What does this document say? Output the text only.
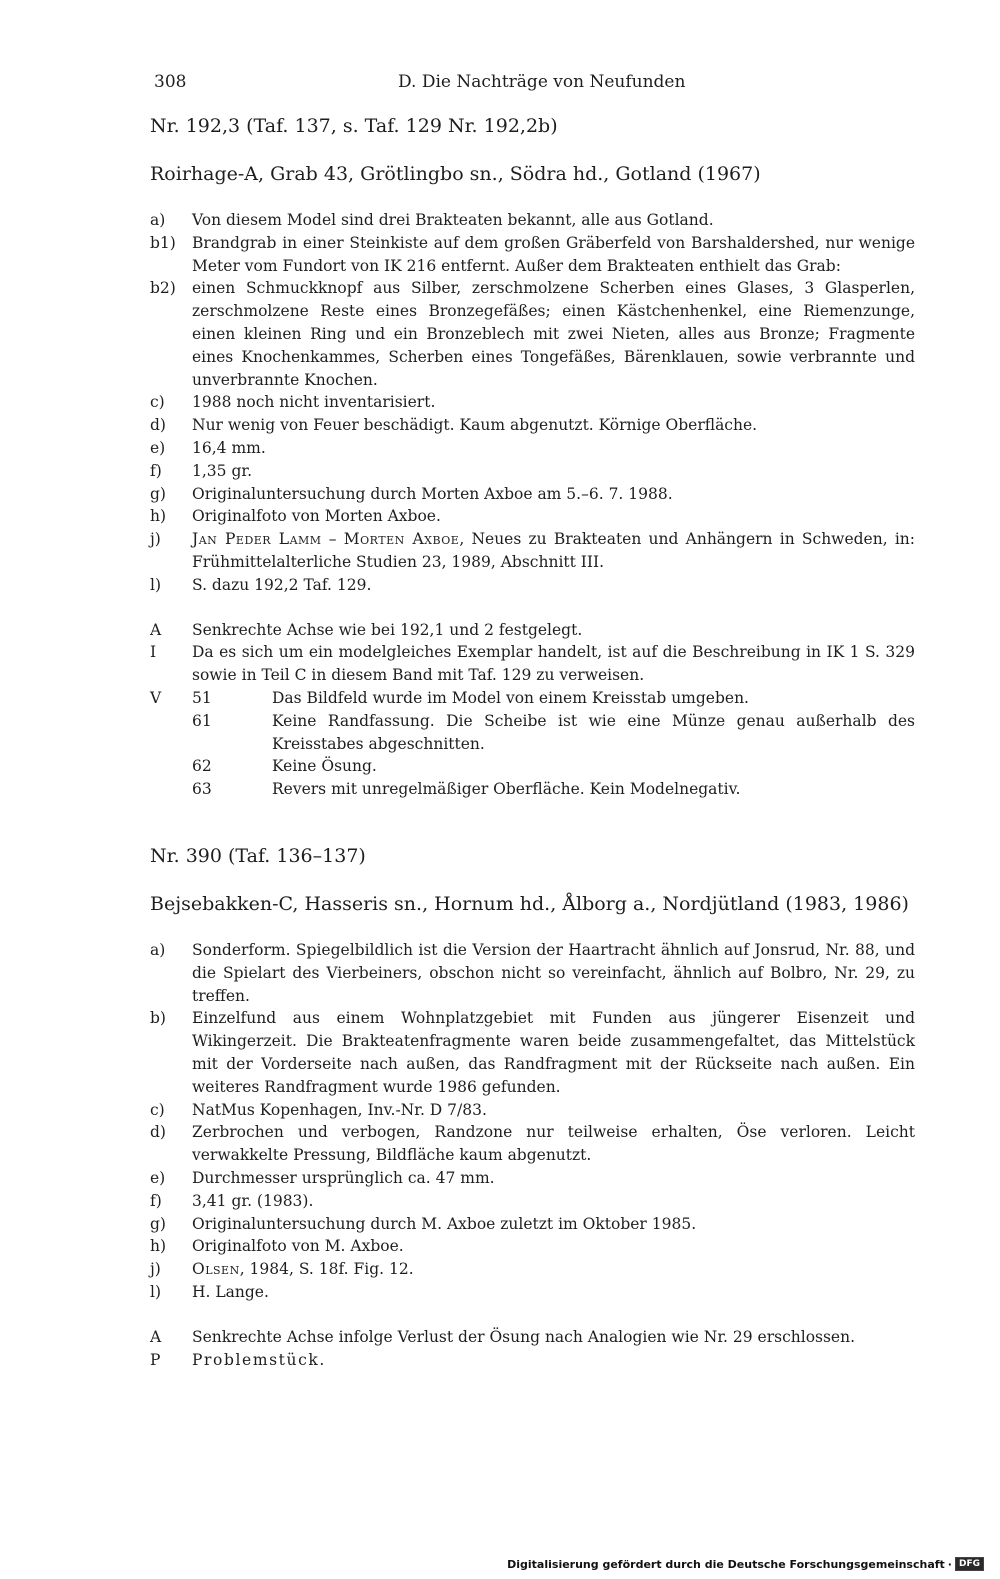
308	D. Die Nachträge von Neufunden
Nr. 192,3 (Taf. 137, s. Taf. 129 Nr. 192,2b)
Roirhage-A, Grab 43, Grötlingbo sn., Södra hd., Gotland (1967)
a)	Von diesem Model sind drei Brakteaten bekannt, alle aus Gotland.
b1)	Brandgrab in einer Steinkiste auf dem großen Gräberfeld von Barshaldershed, nur wenige Meter vom Fundort von IK 216 entfernt. Außer dem Brakteaten enthielt das Grab:
b2)	einen Schmuckknopf aus Silber, zerschmolzene Scherben eines Glases, 3 Glasperlen, zerschmolzene Reste eines Bronzegefäßes; einen Kästchenhenkel, eine Riemenzunge, einen kleinen Ring und ein Bronzeblech mit zwei Nieten, alles aus Bronze; Fragmente eines Knochenkammes, Scherben eines Tongefäßes, Bärenklauen, sowie verbrannte und unverbrannte Knochen.
c)	1988 noch nicht inventarisiert.
d)	Nur wenig von Feuer beschädigt. Kaum abgenutzt. Körnige Oberfläche.
e)	16,4 mm.
f)	1,35 gr.
g)	Originaluntersuchung durch Morten Axboe am 5.–6. 7. 1988.
h)	Originalfoto von Morten Axboe.
j)	Jan Peder Lamm – Morten Axboe, Neues zu Brakteaten und Anhängern in Schweden, in: Frühmittelalterliche Studien 23, 1989, Abschnitt III.
l)	S. dazu 192,2 Taf. 129.
A	Senkrechte Achse wie bei 192,1 und 2 festgelegt.
I	Da es sich um ein modelgleiches Exemplar handelt, ist auf die Beschreibung in IK 1 S. 329 sowie in Teil C in diesem Band mit Taf. 129 zu verweisen.
V	51	Das Bildfeld wurde im Model von einem Kreisstab umgeben.
61	Keine Randfassung. Die Scheibe ist wie eine Münze genau außerhalb des Kreisstabes abgeschnitten.
62	Keine Ösung.
63	Revers mit unregelmäßiger Oberfläche. Kein Modelnegativ.
Nr. 390 (Taf. 136–137)
Bejsebakken-C, Hasseris sn., Hornum hd., Ålborg a., Nordjütland (1983, 1986)
a)	Sonderform. Spiegelbildlich ist die Version der Haartracht ähnlich auf Jonsrud, Nr. 88, und die Spielart des Vierbeiners, obschon nicht so vereinfacht, ähnlich auf Bolbro, Nr. 29, zu treffen.
b)	Einzelfund aus einem Wohnplatzgebiet mit Funden aus jüngerer Eisenzeit und Wikingerzeit. Die Brakteatenfragmente waren beide zusammengefaltet, das Mittelstück mit der Vorderseite nach außen, das Randfragment mit der Rückseite nach außen. Ein weiteres Randfragment wurde 1986 gefunden.
c)	NatMus Kopenhagen, Inv.-Nr. D 7/83.
d)	Zerbrochen und verbogen, Randzone nur teilweise erhalten, Öse verloren. Leicht verwakkelte Pressung, Bildfläche kaum abgenutzt.
e)	Durchmesser ursprünglich ca. 47 mm.
f)	3,41 gr. (1983).
g)	Originaluntersuchung durch M. Axboe zuletzt im Oktober 1985.
h)	Originalfoto von M. Axboe.
j)	Olsen, 1984, S. 18f. Fig. 12.
l)	H. Lange.
A	Senkrechte Achse infolge Verlust der Ösung nach Analogien wie Nr. 29 erschlossen.
P	Problemstück.
Digitalisierung gefördert durch die Deutsche Forschungsgemeinschaft · DFG
